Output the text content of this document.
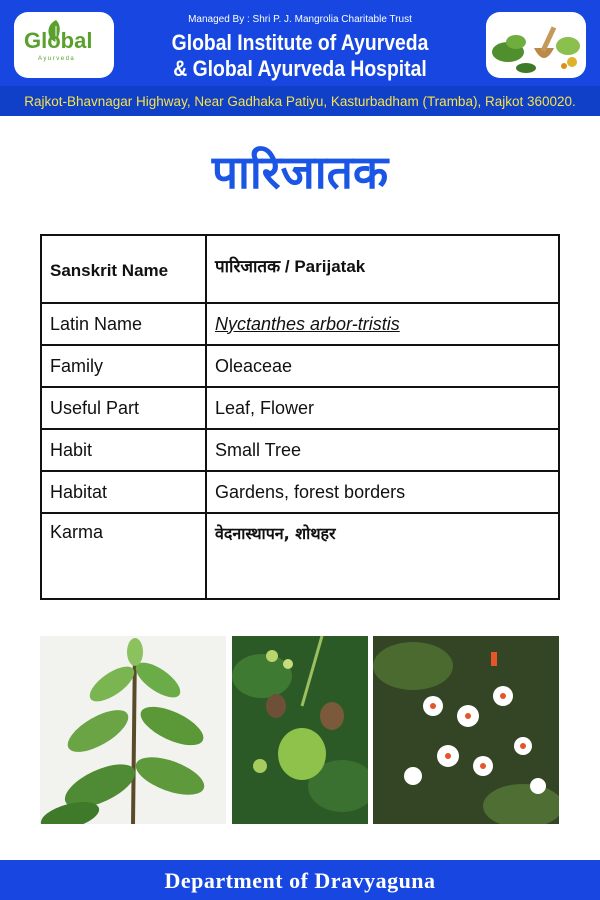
Global
Ayurveda
Managed By : Shri P. J. Mangrolia Charitable Trust
Global Institute of Ayurveda
& Global Ayurveda Hospital
Rajkot-Bhavnagar Highway, Near Gadhaka Patiyu, Kasturbadham (Tramba), Rajkot 360020.
पारिजातक
Sanskrit Name	पारिजातक / Parijatak
Latin Name	Nyctanthes arbor-tristis
Family	Oleaceae
Useful Part	Leaf, Flower
Habit	Small Tree
Habitat	Gardens, forest borders
Karma	वेदनास्थापन, शोथहर
Department of Dravyaguna
